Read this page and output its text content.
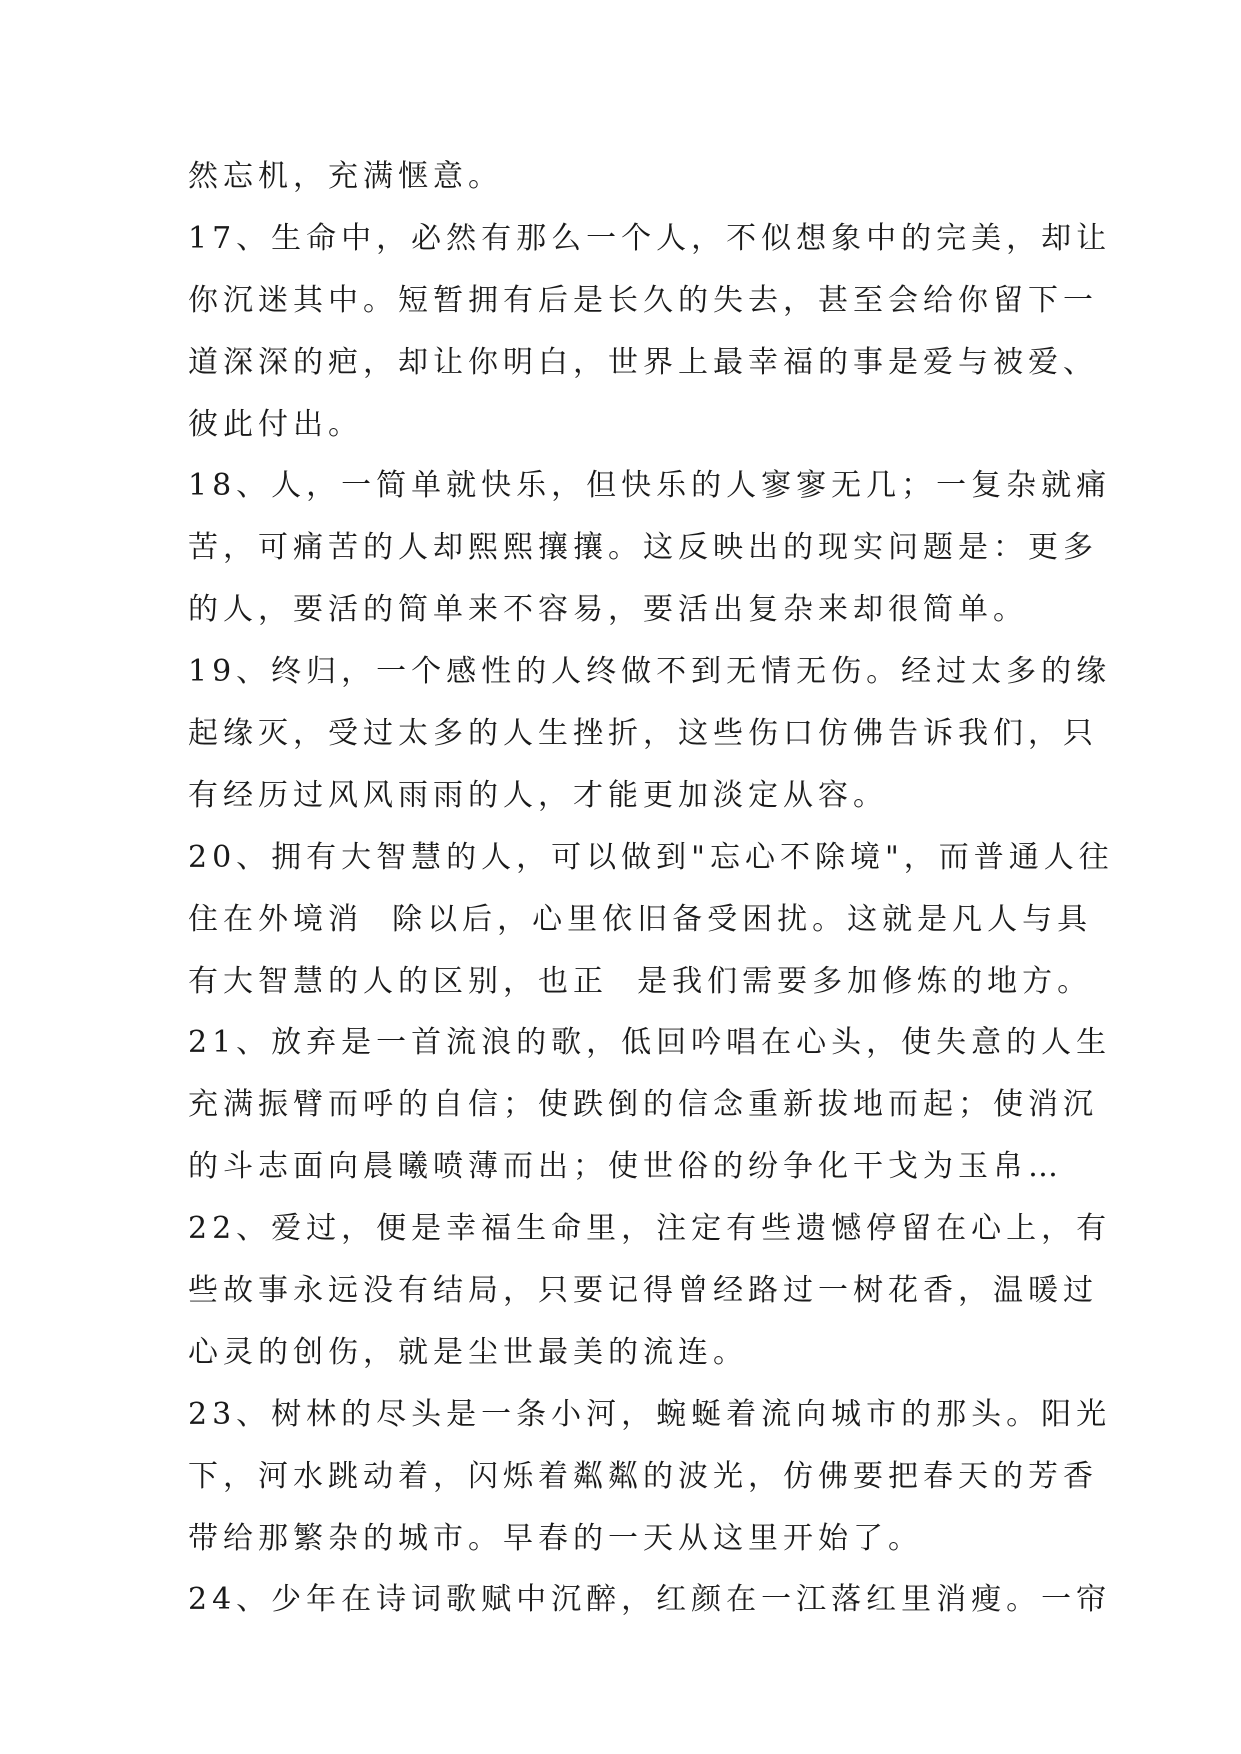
然忘机，充满惬意。
17、生命中，必然有那么一个人，不似想象中的完美，却让
你沉迷其中。短暂拥有后是长久的失去，甚至会给你留下一
道深深的疤，却让你明白，世界上最幸福的事是爱与被爱、
彼此付出。
18、人，一简单就快乐，但快乐的人寥寥无几；一复杂就痛
苦，可痛苦的人却熙熙攘攘。这反映出的现实问题是：更多
的人，要活的简单来不容易，要活出复杂来却很简单。
19、终归，一个感性的人终做不到无情无伤。经过太多的缘
起缘灭，受过太多的人生挫折，这些伤口仿佛告诉我们，只
有经历过风风雨雨的人，才能更加淡定从容。
20、拥有大智慧的人，可以做到"忘心不除境"，而普通人往
住在外境消  除以后，心里依旧备受困扰。这就是凡人与具
有大智慧的人的区别，也正  是我们需要多加修炼的地方。
21、放弃是一首流浪的歌，低回吟唱在心头，使失意的人生
充满振臂而呼的自信；使跌倒的信念重新拔地而起；使消沉
的斗志面向晨曦喷薄而出；使世俗的纷争化干戈为玉帛…
22、爱过，便是幸福生命里，注定有些遗憾停留在心上，有
些故事永远没有结局，只要记得曾经路过一树花香，温暖过
心灵的创伤，就是尘世最美的流连。
23、树林的尽头是一条小河，蜿蜒着流向城市的那头。阳光
下，河水跳动着，闪烁着粼粼的波光，仿佛要把春天的芳香
带给那繁杂的城市。早春的一天从这里开始了。
24、少年在诗词歌赋中沉醉，红颜在一江落红里消瘦。一帘
